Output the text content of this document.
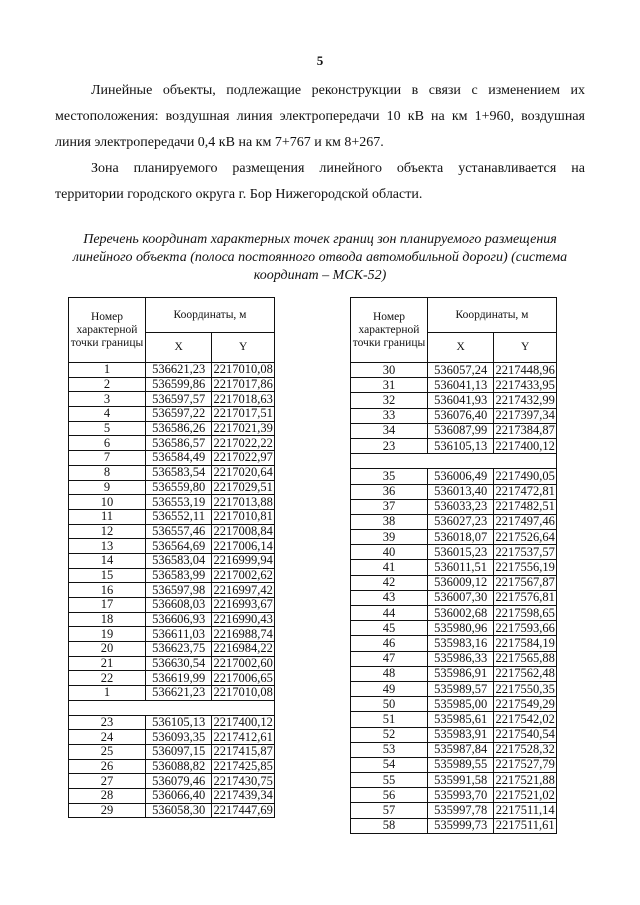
5
Линейные объекты, подлежащие реконструкции в связи с изменением их местоположения: воздушная линия электропередачи 10 кВ на км 1+960, воздушная линия электропередачи 0,4 кВ на км 7+767 и км 8+267.
Зона планируемого размещения линейного объекта устанавливается на территории городского округа г. Бор Нижегородской области.
Перечень координат характерных точек границ зон планируемого размещения линейного объекта (полоса постоянного отвода автомобильной дороги) (система координат – МСК-52)
Номер характерной точки границы	Координаты, м	
	X	Y
1	536621,23	2217010,08
2	536599,86	2217017,86
3	536597,57	2217018,63
4	536597,22	2217017,51
5	536586,26	2217021,39
6	536586,57	2217022,22
7	536584,49	2217022,97
8	536583,54	2217020,64
9	536559,80	2217029,51
10	536553,19	2217013,88
11	536552,11	2217010,81
12	536557,46	2217008,84
13	536564,69	2217006,14
14	536583,04	2216999,94
15	536583,99	2217002,62
16	536597,98	2216997,42
17	536608,03	2216993,67
18	536606,93	2216990,43
19	536611,03	2216988,74
20	536623,75	2216984,22
21	536630,54	2217002,60
22	536619,99	2217006,65
1	536621,23	2217010,08

23	536105,13	2217400,12
24	536093,35	2217412,61
25	536097,15	2217415,87
26	536088,82	2217425,85
27	536079,46	2217430,75
28	536066,40	2217439,34
29	536058,30	2217447,69
Номер характерной точки границы	Координаты, м	
	X	Y
30	536057,24	2217448,96
31	536041,13	2217433,95
32	536041,93	2217432,99
33	536076,40	2217397,34
34	536087,99	2217384,87
23	536105,13	2217400,12

35	536006,49	2217490,05
36	536013,40	2217472,81
37	536033,23	2217482,51
38	536027,23	2217497,46
39	536018,07	2217526,64
40	536015,23	2217537,57
41	536011,51	2217556,19
42	536009,12	2217567,87
43	536007,30	2217576,81
44	536002,68	2217598,65
45	535980,96	2217593,66
46	535983,16	2217584,19
47	535986,33	2217565,88
48	535986,91	2217562,48
49	535989,57	2217550,35
50	535985,00	2217549,29
51	535985,61	2217542,02
52	535983,91	2217540,54
53	535987,84	2217528,32
54	535989,55	2217527,79
55	535991,58	2217521,88
56	535993,70	2217521,02
57	535997,78	2217511,14
58	535999,73	2217511,61
